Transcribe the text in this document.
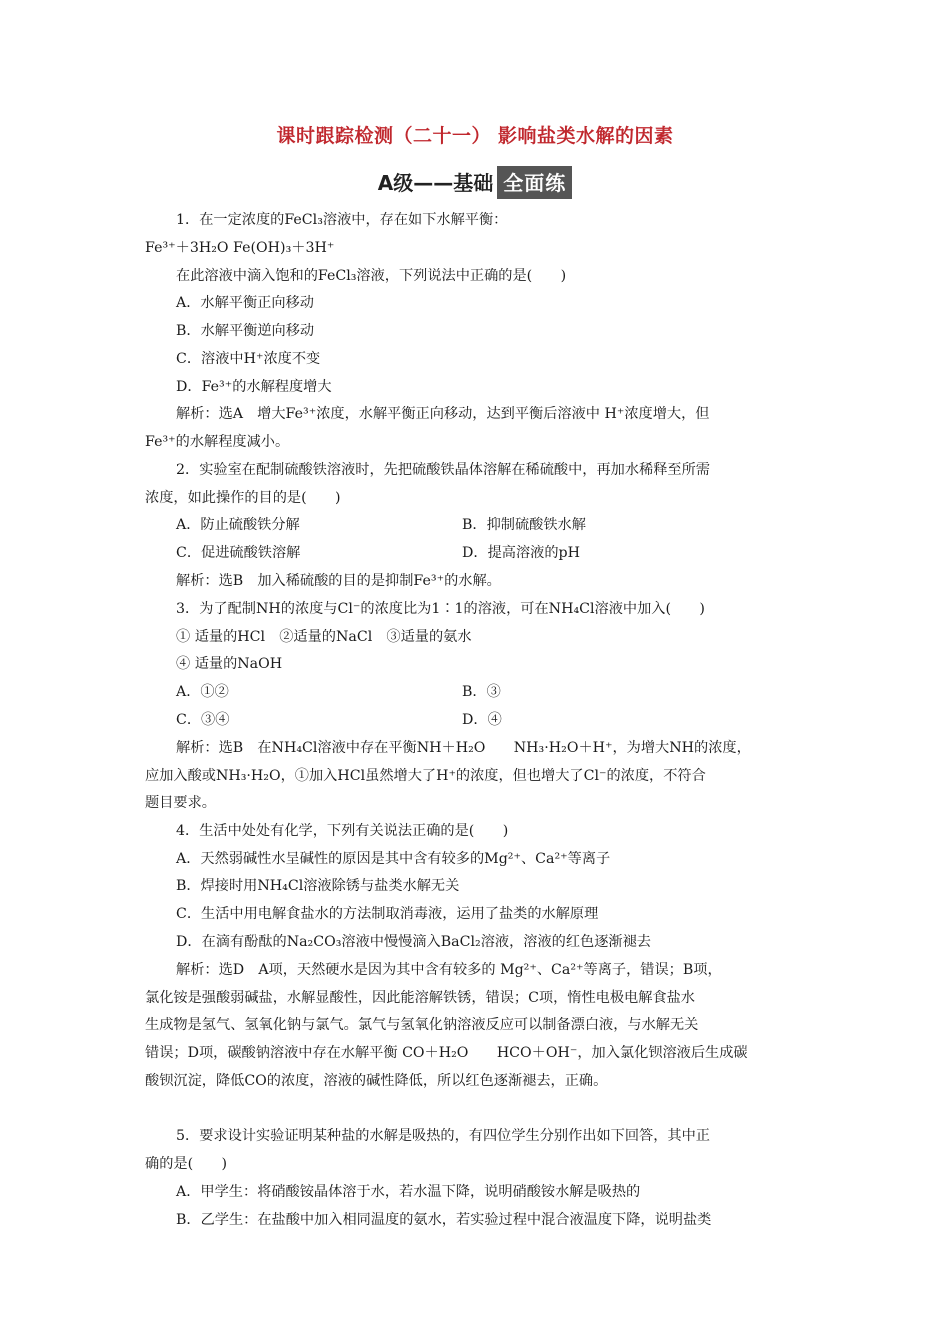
课时跟踪检测（二十一） 影响盐类水解的因素
A级——基础 全面练
1．在一定浓度的FeCl₃溶液中，存在如下水解平衡：
Fe³⁺＋3H₂O Fe(OH)₃＋3H⁺
在此溶液中滴入饱和的FeCl₃溶液，下列说法中正确的是(　　)
A．水解平衡正向移动
B．水解平衡逆向移动
C．溶液中H⁺浓度不变
D．Fe³⁺的水解程度增大
解析：选A　增大Fe³⁺浓度，水解平衡正向移动，达到平衡后溶液中 H⁺浓度增大，但
Fe³⁺的水解程度减小。
2．实验室在配制硫酸铁溶液时，先把硫酸铁晶体溶解在稀硫酸中，再加水稀释至所需
浓度，如此操作的目的是(　　)
A．防止硫酸铁分解	B．抑制硫酸铁水解
C．促进硫酸铁溶解	D．提高溶液的pH
解析：选B　加入稀硫酸的目的是抑制Fe³⁺的水解。
3．为了配制NH的浓度与Cl⁻的浓度比为1∶1的溶液，可在NH₄Cl溶液中加入(　　)
① 适量的HCl　②适量的NaCl　③适量的氨水
④ 适量的NaOH
A．①②	B．③
C．③④	D．④
解析：选B　在NH₄Cl溶液中存在平衡NH＋H₂O　　NH₃·H₂O＋H⁺，为增大NH的浓度，
应加入酸或NH₃·H₂O，①加入HCl虽然增大了H⁺的浓度，但也增大了Cl⁻的浓度，不符合
题目要求。
4．生活中处处有化学，下列有关说法正确的是(　　)
A．天然弱碱性水呈碱性的原因是其中含有较多的Mg²⁺、Ca²⁺等离子
B．焊接时用NH₄Cl溶液除锈与盐类水解无关
C．生活中用电解食盐水的方法制取消毒液，运用了盐类的水解原理
D．在滴有酚酞的Na₂CO₃溶液中慢慢滴入BaCl₂溶液，溶液的红色逐渐褪去
解析：选D　A项，天然硬水是因为其中含有较多的 Mg²⁺、Ca²⁺等离子，错误；B项，
氯化铵是强酸弱碱盐，水解显酸性，因此能溶解铁锈，错误；C项，惰性电极电解食盐水
生成物是氢气、氢氧化钠与氯气。氯气与氢氧化钠溶液反应可以制备漂白液，与水解无关
错误；D项，碳酸钠溶液中存在水解平衡 CO＋H₂O　　HCO＋OH⁻，加入氯化钡溶液后生成碳
酸钡沉淀，降低CO的浓度，溶液的碱性降低，所以红色逐渐褪去，正确。
5．要求设计实验证明某种盐的水解是吸热的，有四位学生分别作出如下回答，其中正
确的是(　　)
A．甲学生：将硝酸铵晶体溶于水，若水温下降，说明硝酸铵水解是吸热的
B．乙学生：在盐酸中加入相同温度的氨水，若实验过程中混合液温度下降，说明盐类
